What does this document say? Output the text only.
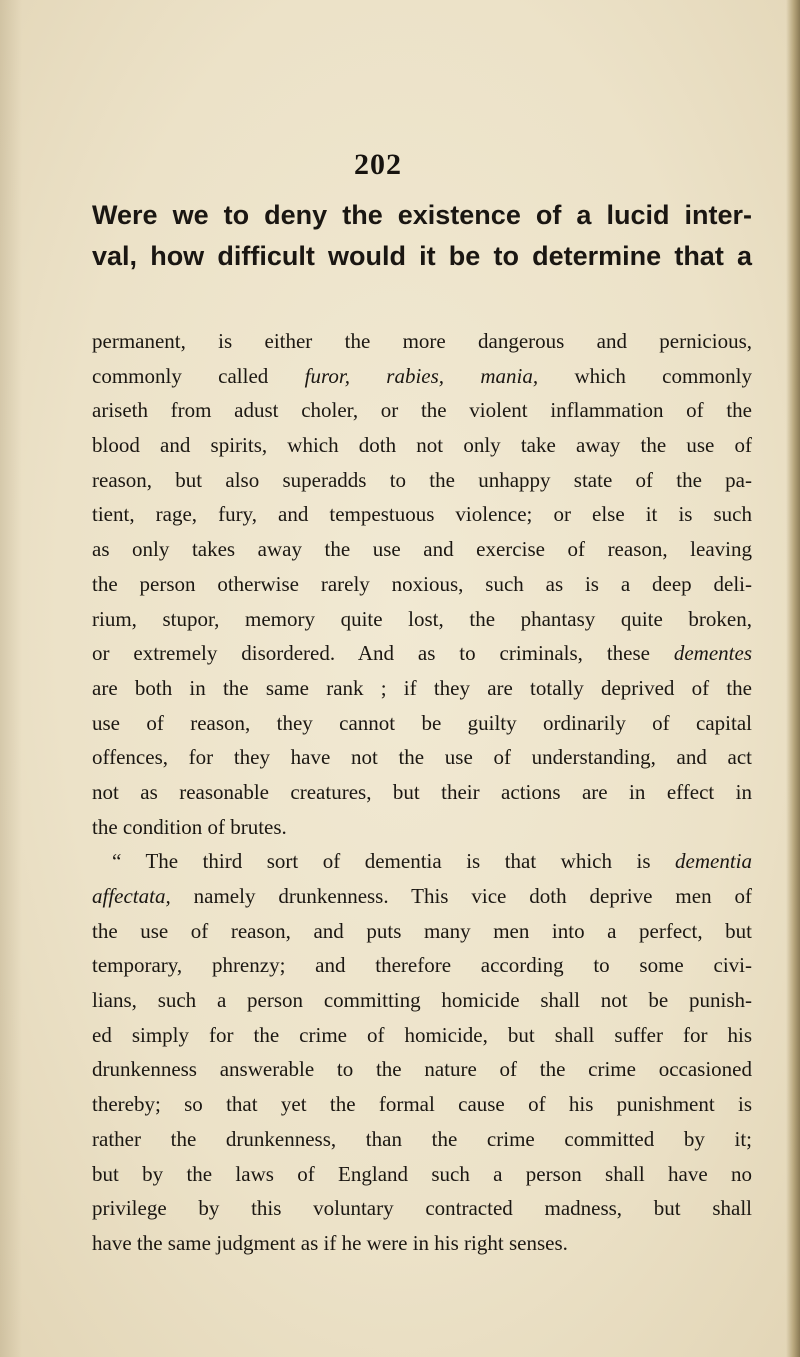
202
Were we to deny the existence of a lucid inter-
val, how difficult would it be to determine that a
permanent, is either the more dangerous and pernicious,
commonly called furor, rabies, mania, which commonly
ariseth from adust choler, or the violent inflammation of the
blood and spirits, which doth not only take away the use of
reason, but also superadds to the unhappy state of the pa-
tient, rage, fury, and tempestuous violence; or else it is such
as only takes away the use and exercise of reason, leaving
the person otherwise rarely noxious, such as is a deep deli-
rium, stupor, memory quite lost, the phantasy quite broken,
or extremely disordered. And as to criminals, these dementes
are both in the same rank ; if they are totally deprived of the
use of reason, they cannot be guilty ordinarily of capital
offences, for they have not the use of understanding, and act
not as reasonable creatures, but their actions are in effect in
the condition of brutes.
“ The third sort of dementia is that which is dementia
affectata, namely drunkenness. This vice doth deprive men of
the use of reason, and puts many men into a perfect, but
temporary, phrenzy; and therefore according to some civi-
lians, such a person committing homicide shall not be punish-
ed simply for the crime of homicide, but shall suffer for his
drunkenness answerable to the nature of the crime occasioned
thereby; so that yet the formal cause of his punishment is
rather the drunkenness, than the crime committed by it;
but by the laws of England such a person shall have no
privilege by this voluntary contracted madness, but shall
have the same judgment as if he were in his right senses.
